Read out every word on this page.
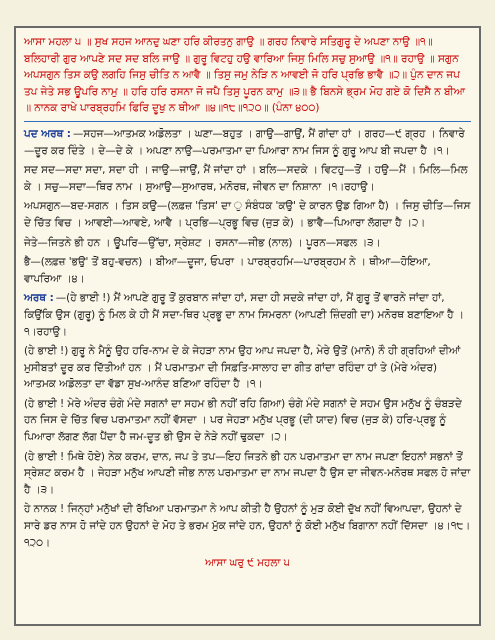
ਆਸਾ ਮਹਲਾ ੫ ॥ ਸੁਖ ਸਹਜ ਆਨਦੁ ਘਣਾ ਹਰਿ ਕੀਰਤਨੁ ਗਾਉ ॥ ਗਰਹ ਨਿਵਾਰੇ ਸਤਿਗੁਰੂ ਦੇ ਅਪਣਾ ਨਾਉ ॥੧॥ ਬਲਿਹਾਰੀ ਗੁਰ ਆਪਣੇ ਸਦ ਸਦ ਬਲਿ ਜਾਉ ॥ ਗੁਰੂ ਵਿਟਹੁ ਹਉ ਵਾਰਿਆ ਜਿਸੁ ਮਿਲਿ ਸਚੁ ਸੁਆਉ ॥੧॥ ਰਹਾਉ ॥ ਸਗੁਨ ਅਪਸਗੁਨ ਤਿਸ ਕਉ ਲਗਹਿ ਜਿਸੁ ਚੀਤਿ ਨ ਆਵੈ ॥ ਤਿਸੁ ਜਮੁ ਨੇੜਿ ਨ ਆਵਈ ਜੋ ਹਰਿ ਪ੍ਰਭਿ ਭਾਵੈ ॥੨॥ ਪੁੰਨ ਦਾਨ ਜਪ ਤਪ ਜੇਤੇ ਸਭ ਊਪਰਿ ਨਾਮੁ ॥ ਹਰਿ ਹਰਿ ਰਸਨਾ ਜੋ ਜਪੈ ਤਿਸੁ ਪੂਰਨ ਕਾਮੁ ॥੩॥ ਭੈ ਬਿਨਸੇ ਭ੍ਰਮ ਮੋਹ ਗਏ ਕੋ ਦਿਸੈ ਨ ਬੀਆ ॥ ਨਾਨਕ ਰਾਖੇ ਪਾਰਬ੍ਰਹਮਿ ਫਿਰਿ ਦੂਖੁ ਨ ਥੀਆ ॥੪॥੧੮॥੧੨੦॥ (ਪੰਨਾ ੪੦੦)

ਪਦ ਅਰਥ : —ਸਹਜ—ਆਤਮਕ ਅਡੋਲਤਾ । ਘਣਾ—ਬਹੁਤ । ਗਾਉ—ਗਾਉਂ, ਮੈਂ ਗਾਂਦਾ ਹਾਂ । ਗਰਹ—੯ ਗ੍ਰਹ । ਨਿਵਾਰੇ—ਦੂਰ ਕਰ ਦਿੰਤੇ । ਦੇ—ਦੇ ਕੇ । ਅਪਣਾ ਨਾਉ—ਪਰਮਾਤਮਾ ਦਾ ਪਿਆਰਾ ਨਾਮ ਜਿਸ ਨੂੰ ਗੁਰੂ ਆਪ ਬੀ ਜਪਦਾ ਹੈ ।੧।

ਸਦ ਸਦ—ਸਦਾ ਸਦਾ, ਸਦਾ ਹੀ । ਜਾਉ—ਜਾਉਂ, ਮੈਂ ਜਾਂਦਾ ਹਾਂ । ਬਲਿ—ਸਦਕੇ । ਵਿਟਹੁ—ਤੋਂ । ਹਉ—ਮੈਂ । ਮਿਲਿ—ਮਿਲ ਕੇ । ਸਚੁ—ਸਦਾ—ਥਿਰ ਨਾਮ । ਸੁਆਉ—ਸੁਆਰਥ, ਮਨੋਰਥ, ਜੀਵਨ ਦਾ ਨਿਸ਼ਾਨਾ ।੧।ਰਹਾਉ।

ਅਪਸਗੁਨ—ਬਦ-ਸਗਨ । ਤਿਸ ਕਉ—(ਲਫ਼ਜ਼ 'ਤਿਸ' ਦਾ ੁ ਸੰਬੰਧਕ 'ਕਉ' ਦੇ ਕਾਰਨ ਉਡ ਗਿਆ ਹੈ) । ਜਿਸੁ ਚੀਤਿ—ਜਿਸ ਦੇ ਚਿੱਤ ਵਿਚ । ਆਵਈ—ਆਵਏ, ਆਵੈ । ਪ੍ਰਭਿ—ਪ੍ਰਭੂ ਵਿਚ (ਜੁੜ ਕੇ) । ਭਾਵੈ—ਪਿਆਰਾ ਲੱਗਦਾ ਹੈ ।੨।

ਜੇਤੇ—ਜਿਤਨੇ ਭੀ ਹਨ । ਊਪਰਿ—ਉੱਚਾ, ਸ੍ਰੇਸ਼ਟ । ਰਸਨਾ—ਜੀਭ (ਨਾਲ) । ਪੂਰਨ—ਸਫਲ ।੩।

ਭੈ—(ਲਫ਼ਜ਼ 'ਭਉ' ਤੋਂ ਬਹੁ-ਵਚਨ) । ਬੀਆ—ਦੂਜਾ, ਓਪਰਾ । ਪਾਰਬ੍ਰਹਮਿ—ਪਾਰਬ੍ਰਹਮ ਨੇ । ਥੀਆ—ਹੋਇਆ, ਵਾਪਰਿਆ ।੪।

ਅਰਥ : —(ਹੇ ਭਾਈ !) ਮੈਂ ਆਪਣੇ ਗੁਰੂ ਤੋਂ ਕੁਰਬਾਨ ਜਾਂਦਾ ਹਾਂ, ਸਦਾ ਹੀ ਸਦਕੇ ਜਾਂਦਾ ਹਾਂ, ਮੈਂ ਗੁਰੂ ਤੋਂ ਵਾਰਨੇ ਜਾਂਦਾ ਹਾਂ, ਕਿਉਂਕਿ ਉਸ (ਗੁਰੂ) ਨੂੰ ਮਿਲ ਕੇ ਹੀ ਮੈਂ ਸਦਾ-ਥਿਰ ਪ੍ਰਭੂ ਦਾ ਨਾਮ ਸਿਮਰਨਾ (ਆਪਣੀ ਜ਼ਿੰਦਗੀ ਦਾ) ਮਨੋਰਥ ਬਣਾਇਆ ਹੈ ।੧।ਰਹਾਉ।

(ਹੇ ਭਾਈ !) ਗੁਰੂ ਨੇ ਮੈਨੂੰ ਉਹ ਹਰਿ-ਨਾਮ ਦੇ ਕੇ ਜੇਹੜਾ ਨਾਮ ਉਹ ਆਪ ਜਪਦਾ ਹੈ, ਮੇਰੇ ਉਤੋਂ (ਮਾਨੋ) ਨੌ ਹੀ ਗ੍ਰਹਿਆਂ ਦੀਆਂ ਮੁਸੀਬਤਾਂ ਦੂਰ ਕਰ ਦਿੱਤੀਆਂ ਹਨ । ਮੈਂ ਪਰਮਾਤਮਾ ਦੀ ਸਿਫ਼ਤਿ-ਸਾਲਾਹ ਦਾ ਗੀਤ ਗਾਂਦਾ ਰਹਿੰਦਾ ਹਾਂ ਤੇ (ਮੇਰੇ ਅੰਦਰ) ਆਤਮਕ ਅਡੋਲਤਾ ਦਾ ਵੱਡਾ ਸੁਖ-ਆਨੰਦ ਬਣਿਆ ਰਹਿੰਦਾ ਹੈ ।੧।

(ਹੇ ਭਾਈ ! ਮੇਰੇ ਅੰਦਰ ਚੰਗੇ ਮੰਦੇ ਸਗਨਾਂ ਦਾ ਸਹਮ ਭੀ ਨਹੀਂ ਰਹਿ ਗਿਆ) ਚੰਗੇ ਮੰਦੇ ਸਗਨਾਂ ਦੇ ਸਹਮ ਉਸ ਮਨੁੱਖ ਨੂੰ ਚੰਬੜਦੇ ਹਨ ਜਿਸ ਦੇ ਚਿੱਤ ਵਿਚ ਪਰਮਾਤਮਾ ਨਹੀਂ ਵੱਸਦਾ । ਪਰ ਜੇਹੜਾ ਮਨੁੱਖ ਪ੍ਰਭੂ (ਦੀ ਯਾਦ) ਵਿਚ (ਜੁੜ ਕੇ) ਹਰਿ-ਪ੍ਰਭੂ ਨੂੰ ਪਿਆਰਾ ਲੱਗਣ ਲੱਗ ਪੈਂਦਾ ਹੈ ਜਮ-ਦੂਤ ਭੀ ਉਸ ਦੇ ਨੇੜੇ ਨਹੀਂ ਢੁਕਦਾ ।੨।

(ਹੇ ਭਾਈ ! ਮਿਥੇ ਹੋਏ) ਨੇਕ ਕਰਮ, ਦਾਨ, ਜਪ ਤੇ ਤਪ—ਇਹ ਜਿਤਨੇ ਭੀ ਹਨ ਪਰਮਾਤਮਾ ਦਾ ਨਾਮ ਜਪਣਾ ਇਹਨਾਂ ਸਭਨਾਂ ਤੋਂ ਸ੍ਰੇਸ਼ਟ ਕਰਮ ਹੈ । ਜੇਹੜਾ ਮਨੁੱਖ ਆਪਣੀ ਜੀਭ ਨਾਲ ਪਰਮਾਤਮਾ ਦਾ ਨਾਮ ਜਪਦਾ ਹੈ ਉਸ ਦਾ ਜੀਵਨ-ਮਨੋਰਥ ਸਫਲ ਹੋ ਜਾਂਦਾ ਹੈ ।੩।

ਹੇ ਨਾਨਕ ! ਜਿਨ੍ਹਾਂ ਮਨੁੱਖਾਂ ਦੀ ਰੱਖਿਆ ਪਰਮਾਤਮਾ ਨੇ ਆਪ ਕੀਤੀ ਹੈ ਉਹਨਾਂ ਨੂੰ ਮੁੜ ਕੋਈ ਦੁੱਖ ਨਹੀਂ ਵਿਆਪਦਾ, ਉਹਨਾਂ ਦੇ ਸਾਰੇ ਡਰ ਨਾਸ ਹੋ ਜਾਂਦੇ ਹਨ ਉਹਨਾਂ ਦੇ ਮੋਹ ਤੇ ਭਰਮ ਮੁੱਕ ਜਾਂਦੇ ਹਨ, ਉਹਨਾਂ ਨੂੰ ਕੋਈ ਮਨੁੱਖ ਬਿਗਾਨਾ ਨਹੀਂ ਦਿੱਸਦਾ ।੪।੧੮।੧੨੦।

ਆਸਾ ਘਰੁ ੯ ਮਹਲਾ ੫
